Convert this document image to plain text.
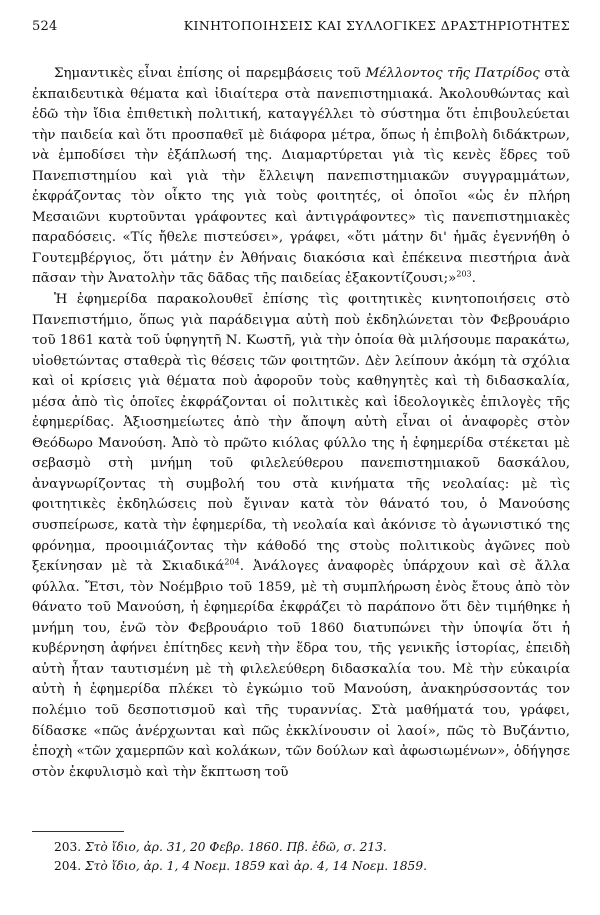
524	ΚΙΝΗΤΟΠΟΙΗΣΕΙΣ ΚΑΙ ΣΥΛΛΟΓΙΚΕΣ ΔΡΑΣΤΗΡΙΟΤΗΤΕΣ

Σημαντικὲς εἶναι ἐπίσης οἱ παρεμβάσεις τοῦ Μέλλοντος τῆς Πατρίδος στὰ ἐκπαιδευτικὰ θέματα καὶ ἰδιαίτερα στὰ πανεπιστημιακά. Ἀκολουθώντας καὶ ἐδῶ τὴν ἴδια ἐπιθετικὴ πολιτική, καταγγέλλει τὸ σύστημα ὅτι ἐπιβουλεύεται τὴν παιδεία καὶ ὅτι προσπαθεῖ μὲ διάφορα μέτρα, ὅπως ἡ ἐπιβολὴ διδάκτρων, νὰ ἐμποδίσει τὴν ἐξάπλωσή της. Διαμαρτύρεται γιὰ τὶς κενὲς ἕδρες τοῦ Πανεπιστημίου καὶ γιὰ τὴν ἔλλειψη πανεπιστημιακῶν συγγραμμάτων, ἐκφράζοντας τὸν οἶκτο της γιὰ τοὺς φοιτητές, οἱ ὁποῖοι «ὡς ἐν πλήρη Μεσαιῶνι κυρτοῦνται γράφοντες καὶ ἀντιγράφοντες» τὶς πανεπιστημιακὲς παραδόσεις. «Τίς ἤθελε πιστεύσει», γράφει, «ὅτι μάτην δι' ἡμᾶς ἐγεννήθη ὁ Γουτεμβέργιος, ὅτι μάτην ἐν Ἀθήναις διακόσια καὶ ἐπέκεινα πιεστήρια ἀνὰ πᾶσαν τὴν Ἀνατολὴν τᾶς δᾶδας τῆς παιδείας ἐξακοντίζουσι;»$^{203}$.

Ἡ ἐφημερίδα παρακολουθεῖ ἐπίσης τὶς φοιτητικὲς κινητοποιήσεις στὸ Πανεπιστήμιο, ὅπως γιὰ παράδειγμα αὐτὴ ποὺ ἐκδηλώνεται τὸν Φεβρουάριο τοῦ 1861 κατὰ τοῦ ὑφηγητῆ Ν. Κωστῆ, γιὰ τὴν ὁποία θὰ μιλήσουμε παρακάτω, υἱοθετώντας σταθερὰ τὶς θέσεις τῶν φοιτητῶν. Δὲν λείπουν ἀκόμη τὰ σχόλια καὶ οἱ κρίσεις γιὰ θέματα ποὺ ἀφοροῦν τοὺς καθηγητὲς καὶ τὴ διδασκαλία, μέσα ἀπὸ τὶς ὁποῖες ἐκφράζονται οἱ πολιτικὲς καὶ ἰδεολογικὲς ἐπιλογὲς τῆς ἐφημερίδας. Ἀξιοσημείωτες ἀπὸ τὴν ἄποψη αὐτὴ εἶναι οἱ ἀναφορὲς στὸν Θεόδωρο Μανούση. Ἀπὸ τὸ πρῶτο κιόλας φύλλο της ἡ ἐφημερίδα στέκεται μὲ σεβασμὸ στὴ μνήμη τοῦ φιλελεύθερου πανεπιστημιακοῦ δασκάλου, ἀναγνωρίζοντας τὴ συμβολή του στὰ κινήματα τῆς νεολαίας: μὲ τὶς φοιτητικὲς ἐκδηλώσεις ποὺ ἔγιναν κατὰ τὸν θάνατό του, ὁ Μανούσης συσπείρωσε, κατὰ τὴν ἐφημερίδα, τὴ νεολαία καὶ ἀκόνισε τὸ ἀγωνιστικό της φρόνημα, προοιμιάζοντας τὴν κάθοδό της στοὺς πολιτικοὺς ἀγῶνες ποὺ ξεκίνησαν μὲ τὰ Σκιαδικά$^{204}$. Ἀνάλογες ἀναφορὲς ὑπάρχουν καὶ σὲ ἄλλα φύλλα. Ἔτσι, τὸν Νοέμβριο τοῦ 1859, μὲ τὴ συμπλήρωση ἑνὸς ἔτους ἀπὸ τὸν θάνατο τοῦ Μανούση, ἡ ἐφημερίδα ἐκφράζει τὸ παράπονο ὅτι δὲν τιμήθηκε ἡ μνήμη του, ἐνῶ τὸν Φεβρουάριο τοῦ 1860 διατυπώνει τὴν ὑποψία ὅτι ἡ κυβέρνηση ἀφήνει ἐπίτηδες κενὴ τὴν ἕδρα του, τῆς γενικῆς ἱστορίας, ἐπειδὴ αὐτὴ ἦταν ταυτισμένη μὲ τὴ φιλελεύθερη διδασκαλία του. Μὲ τὴν εὐκαιρία αὐτὴ ἡ ἐφημερίδα πλέκει τὸ ἐγκώμιο τοῦ Μανούση, ἀνακηρύσσοντάς τον πολέμιο τοῦ δεσποτισμοῦ καὶ τῆς τυραννίας. Στὰ μαθήματά του, γράφει, δίδασκε «πῶς ἀνέρχωνται καὶ πῶς ἐκκλίνουσιν οἱ λαοί», πῶς τὸ Βυζάντιο, ἐποχὴ «τῶν χαμερπῶν καὶ κολάκων, τῶν δούλων καὶ ἀφωσιωμένων», ὁδήγησε στὸν ἐκφυλισμὸ καὶ τὴν ἔκπτωση τοῦ

203. Στὸ ἴδιο, ἀρ. 31, 20 Φεβρ. 1860. Πβ. ἐδῶ, σ. 213.
204. Στὸ ἴδιο, ἀρ. 1, 4 Νοεμ. 1859 καὶ ἀρ. 4, 14 Νοεμ. 1859.
